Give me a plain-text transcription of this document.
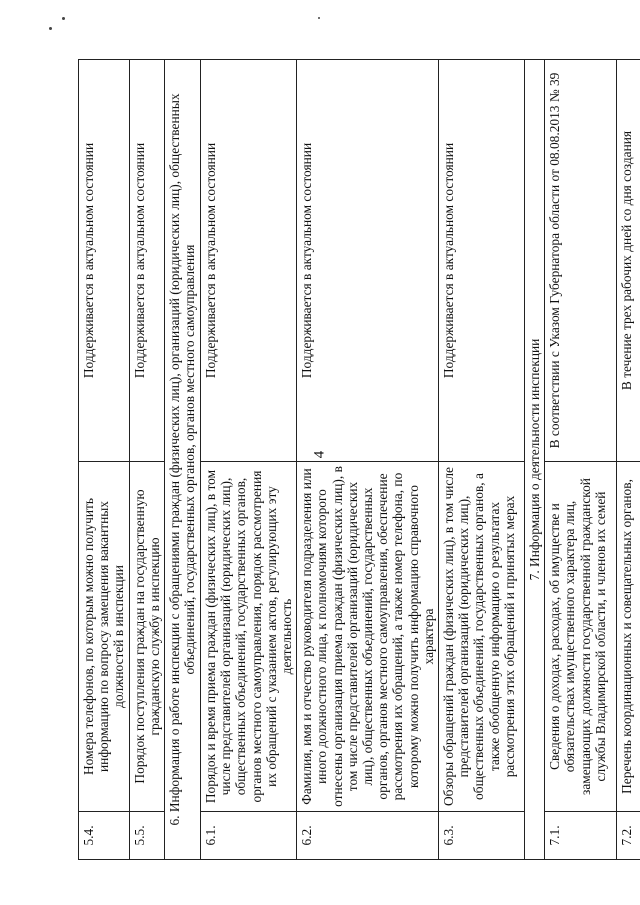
4
5.4.	Номера телефонов, по которым можно получить информацию по вопросу замещения вакантных должностей в инспекции	Поддерживается в актуальном состоянии
5.5.	Порядок поступления граждан на государственную гражданскую службу в инспекцию	Поддерживается в актуальном состоянии
6. Информация о работе инспекции с обращениями граждан (физических лиц), организаций (юридических лиц), общественных объединений, государственных органов, органов местного самоуправления		
6.1.	Порядок и время приема граждан (физических лиц), в том числе представителей организаций (юридических лиц), общественных объединений, государственных органов, органов местного самоуправления, порядок рассмотрения их обращений с указанием актов, регулирующих эту деятельность	Поддерживается в актуальном состоянии
6.2.	Фамилия, имя и отчество руководителя подразделения или иного должностного лица, к полномочиям которого отнесены организация приема граждан (физических лиц), в том числе представителей организаций (юридических лиц), общественных объединений, государственных органов, органов местного самоуправления, обеспечение рассмотрения их обращений, а также номер телефона, по которому можно получить информацию справочного характера	Поддерживается в актуальном состоянии
6.3.	Обзоры обращений граждан (физических лиц), в том числе представителей организаций (юридических лиц), общественных объединений, государственных органов, а также обобщенную информацию о результатах рассмотрения этих обращений и принятых мерах	Поддерживается в актуальном состоянии
7. Информация о деятельности инспекции		
7.1.	Сведения о доходах, расходах, об имуществе и обязательствах имущественного характера лиц, замещающих должности государственной гражданской службы Владимирской области, и членов их семей	В соответствии с Указом Губернатора области от 08.08.2013 № 39
7.2.	Перечень координационных и совещательных органов,	В течение трех рабочих дней со дня создания
